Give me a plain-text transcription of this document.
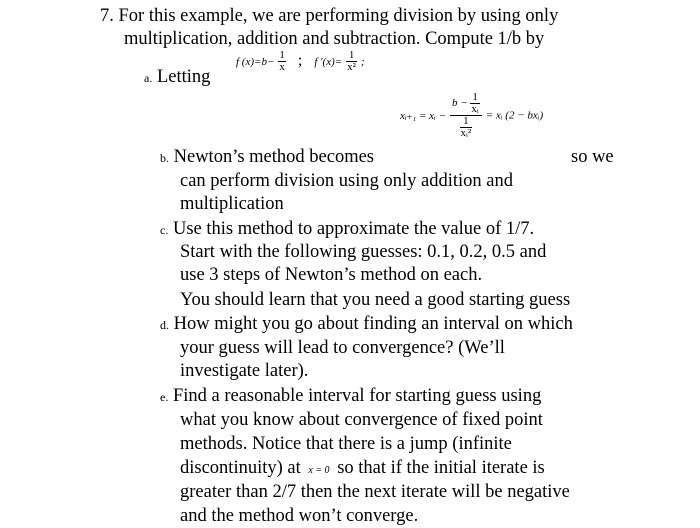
7. For this example, we are performing division by using only
multiplication, addition and subtraction. Compute 1/b by
a. Letting
f $(x)=b- \frac{1}{x}$ ; f $'(x)= \frac{1}{\text{x²}}$ ;
xᵢ₊₁ = xᵢ − $\frac{b - \frac{1}{\text{xᵢ}}}{\frac{1}{\text{xᵢ²}}}$ = xᵢ (2 − bxᵢ)
b. Newton’s method becomes	so we
can perform division using only addition and
multiplication
c. Use this method to approximate the value of 1/7.
Start with the following guesses: 0.1, 0.2, 0.5 and
use 3 steps of Newton’s method on each.
You should learn that you need a good starting guess
d. How might you go about finding an interval on which
your guess will lead to convergence? (We’ll
investigate later).
e. Find a reasonable interval for starting guess using
what you know about convergence of fixed point
methods. Notice that there is a jump (infinite
discontinuity) at x = 0 so that if the initial iterate is
greater than 2/7 then the next iterate will be negative
and the method won’t converge.
